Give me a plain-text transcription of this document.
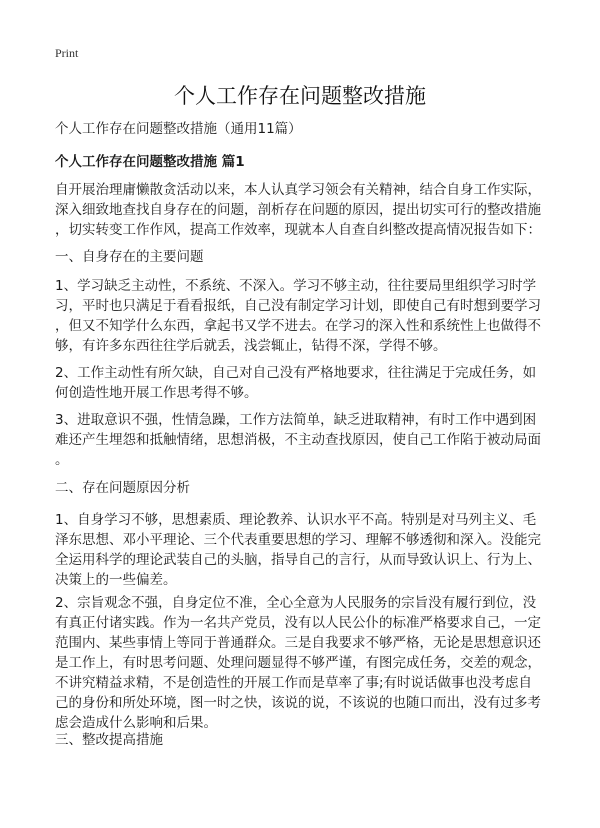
Print
个人工作存在问题整改措施
个人工作存在问题整改措施（通用11篇）
个人工作存在问题整改措施 篇1
自开展治理庸懒散贪活动以来，本人认真学习领会有关精神，结合自身工作实际，
深入细致地查找自身存在的问题，剖析存在问题的原因，提出切实可行的整改措施
，切实转变工作作风，提高工作效率，现就本人自查自纠整改提高情况报告如下：
一、自身存在的主要问题
1、学习缺乏主动性，不系统、不深入。学习不够主动，往往要局里组织学习时学
习，平时也只满足于看看报纸，自己没有制定学习计划，即使自己有时想到要学习
，但又不知学什么东西，拿起书又学不进去。在学习的深入性和系统性上也做得不
够，有许多东西往往学后就丢，浅尝辄止，钻得不深，学得不够。
2、工作主动性有所欠缺，自己对自己没有严格地要求，往往满足于完成任务，如
何创造性地开展工作思考得不够。
3、进取意识不强，性情急躁，工作方法简单，缺乏进取精神，有时工作中遇到困
难还产生埋怨和抵触情绪，思想消极，不主动查找原因，使自己工作陷于被动局面
。
二、存在问题原因分析
1、自身学习不够，思想素质、理论教养、认识水平不高。特别是对马列主义、毛
泽东思想、邓小平理论、三个代表重要思想的学习、理解不够透彻和深入。没能完
全运用科学的理论武装自己的头脑，指导自己的言行，从而导致认识上、行为上、
决策上的一些偏差。
2、宗旨观念不强，自身定位不准，全心全意为人民服务的宗旨没有履行到位，没
有真正付诸实践。作为一名共产党员，没有以人民公仆的标准严格要求自己，一定
范围内、某些事情上等同于普通群众。三是自我要求不够严格，无论是思想意识还
是工作上，有时思考问题、处理问题显得不够严谨，有图完成任务，交差的观念，
不讲究精益求精，不是创造性的开展工作而是草率了事;有时说话做事也没考虑自
己的身份和所处环境，图一时之快，该说的说，不该说的也随口而出，没有过多考
虑会造成什么影响和后果。
三、整改提高措施
